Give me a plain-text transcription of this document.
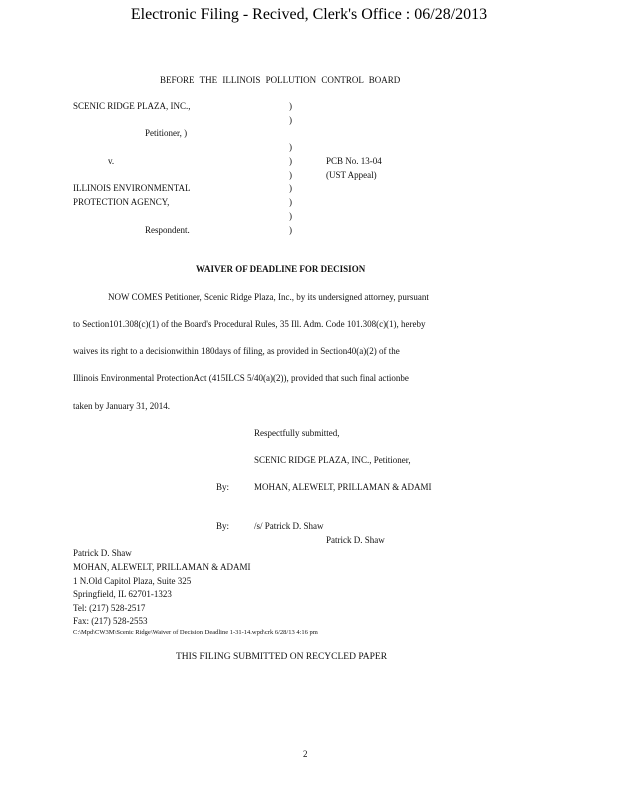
Electronic Filing - Recived, Clerk's Office : 06/28/2013
BEFORE THE ILLINOIS POLLUTION CONTROL BOARD
SCENIC RIDGE PLAZA, INC.,
Petitioner, )
v.
ILLINOIS ENVIRONMENTAL
PROTECTION AGENCY,
Respondent.
)
)
)
)
)
)
)
)
)
PCB No. 13-04
(UST Appeal)
WAIVER OF DEADLINE FOR DECISION
NOW COMES Petitioner, Scenic Ridge Plaza, Inc., by its undersigned attorney, pursuant
to Section101.308(c)(1) of the Board's Procedural Rules, 35 Ill. Adm. Code 101.308(c)(1), hereby
waives its right to a decisionwithin 180days of filing, as provided in Section40(a)(2) of the
Illinois Environmental ProtectionAct (415ILCS 5/40(a)(2)), provided that such final actionbe
taken by January 31, 2014.
Respectfully submitted,
SCENIC RIDGE PLAZA, INC., Petitioner,
By:	MOHAN, ALEWELT, PRILLAMAN & ADAMI
By:	/s/ Patrick D. Shaw
Patrick D. Shaw
Patrick D. Shaw
MOHAN, ALEWELT, PRILLAMAN & ADAMI
1 N.Old Capitol Plaza, Suite 325
Springfield, IL 62701-1323
Tel: (217) 528-2517
Fax: (217) 528-2553
C:\Mpd\CW3M\Scenic Ridge\Waiver of Decision Deadline 1-31-14.wpd\crk 6/28/13 4:16 pm
THIS FILING SUBMITTED ON RECYCLED PAPER
2
